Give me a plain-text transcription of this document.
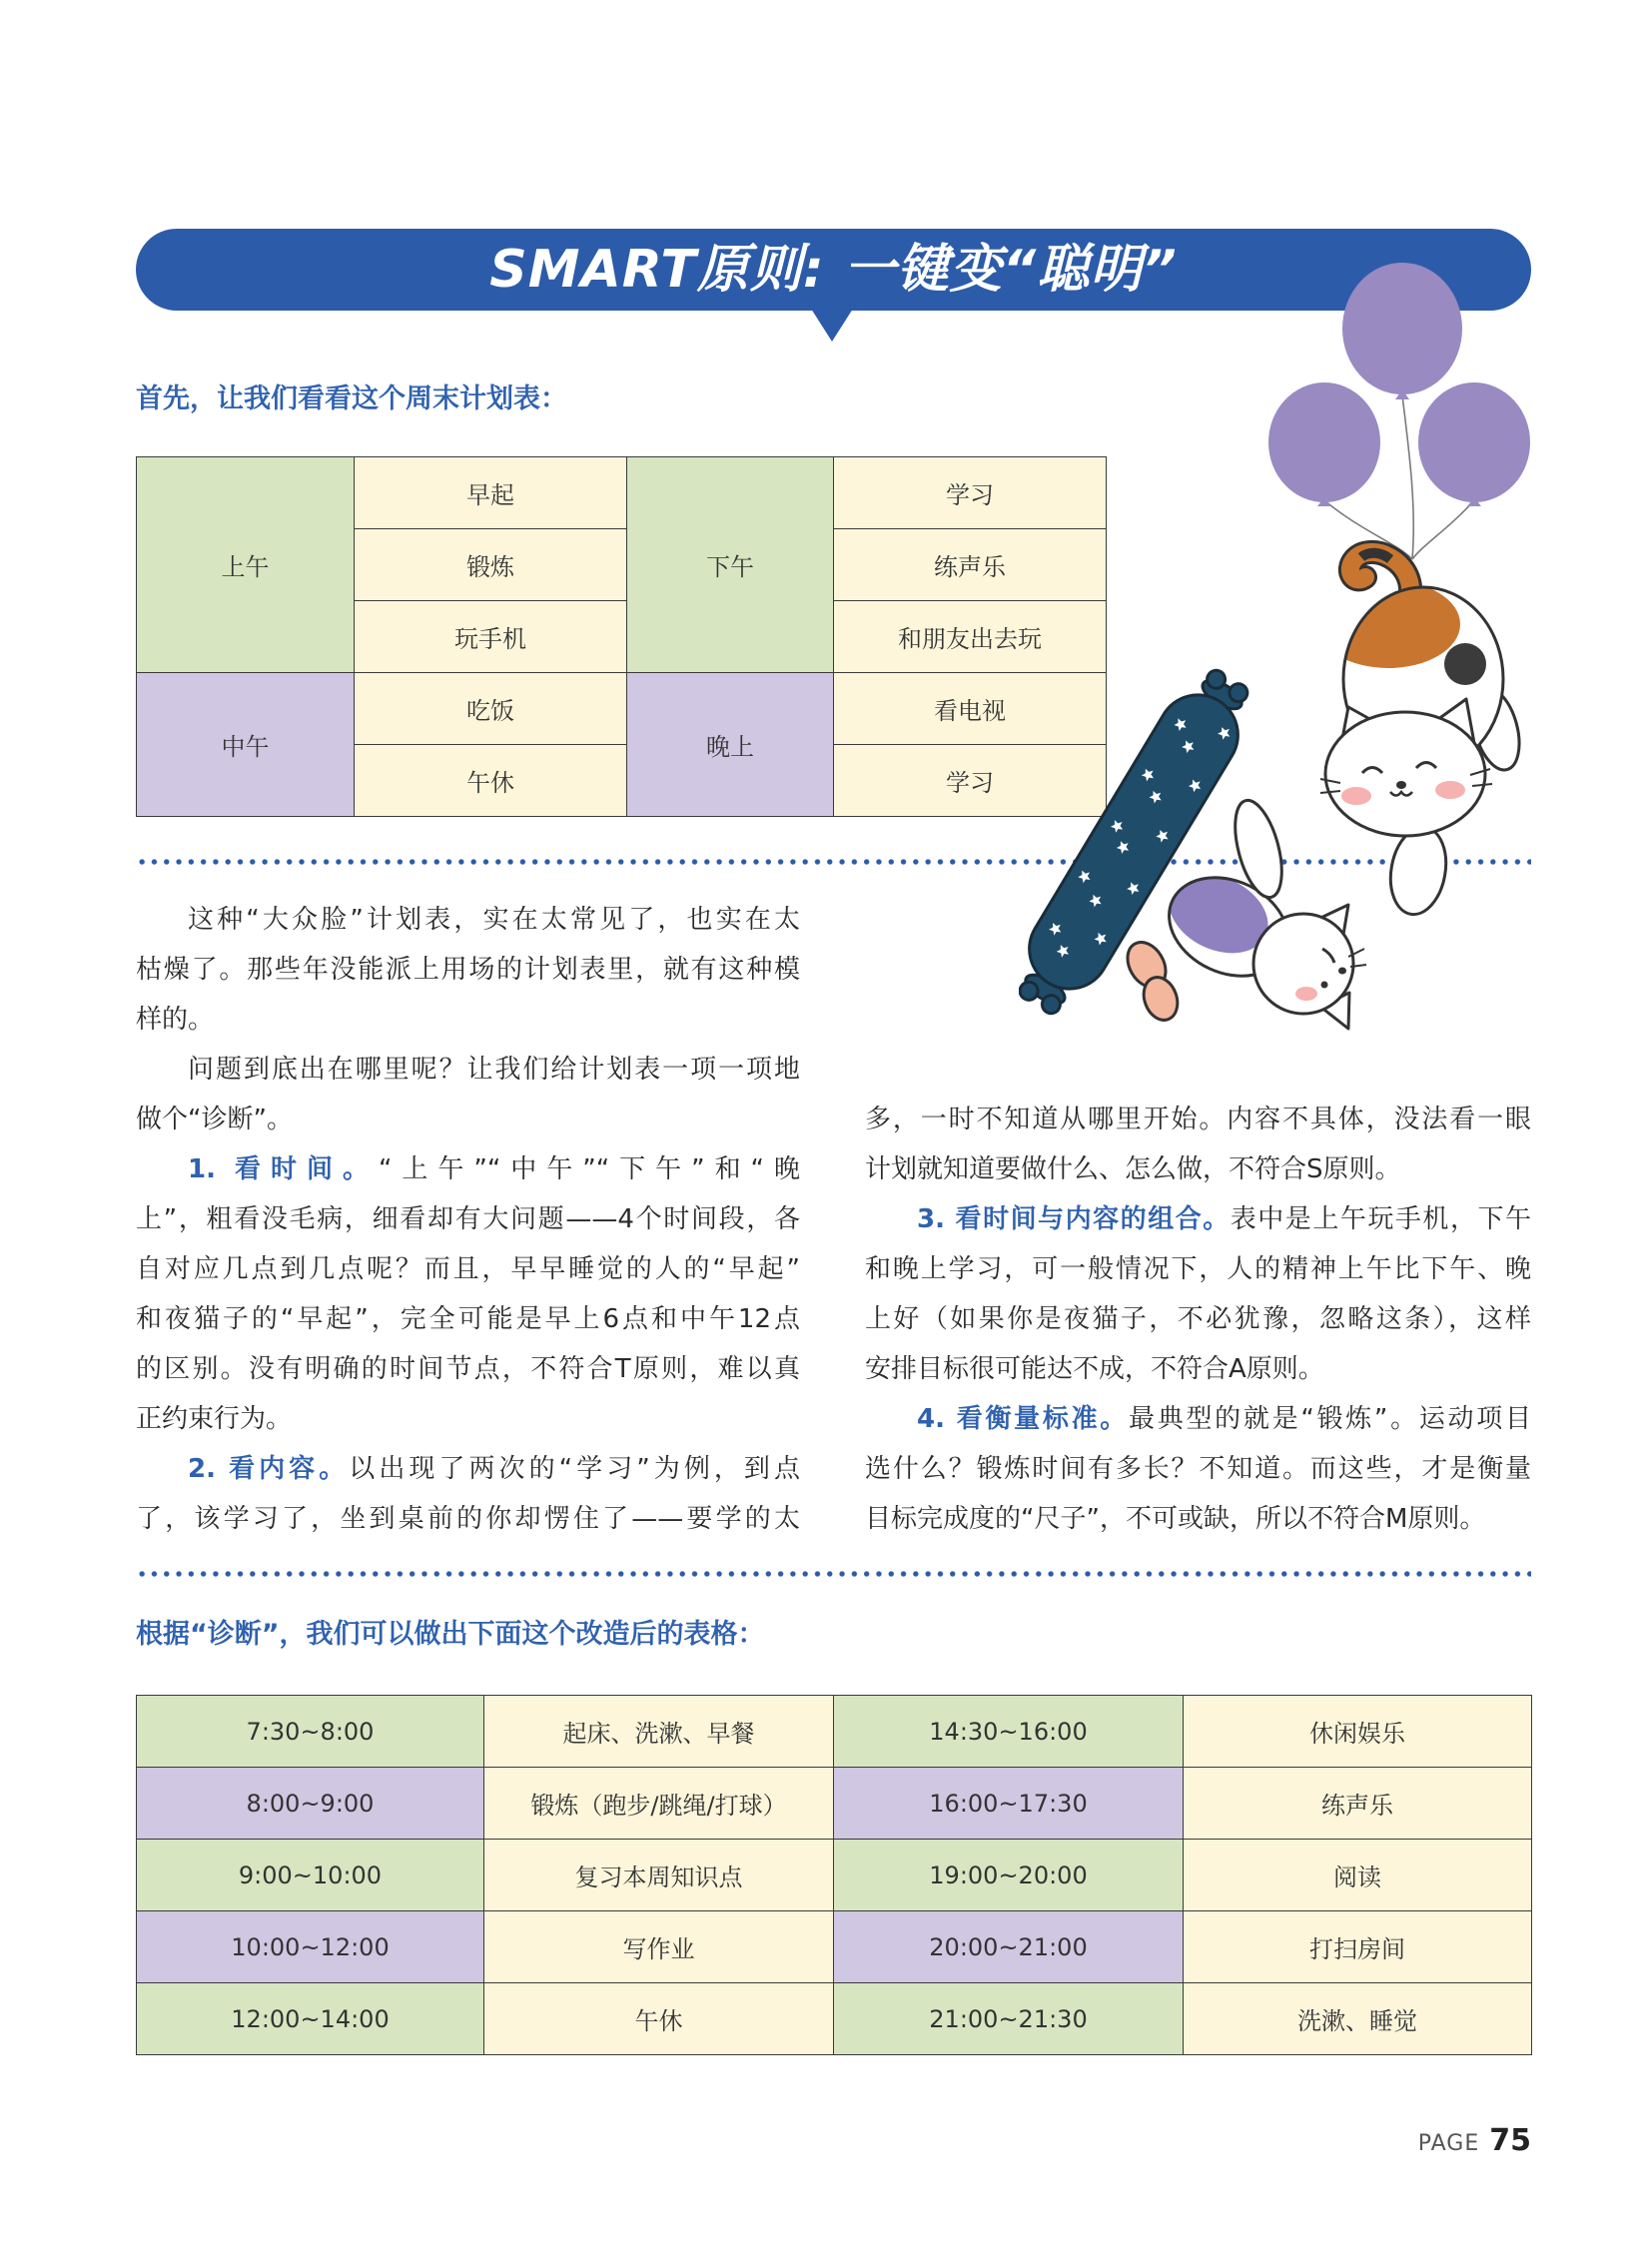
SMART原则: 一键变“聪明”
首先，让我们看看这个周末计划表：
上午	早起	下午	学习
	锻炼		练声乐
	玩手机		和朋友出去玩
中午	吃饭	晚上	看电视
	午休		学习
这种“大众脸”计划表，实在太常见了，也实在太
枯燥了。那些年没能派上用场的计划表里，就有这种模
样的。
问题到底出在哪里呢？让我们给计划表一项一项地
做个“诊断”。
1. 看时间。“上午”“中午”“下午”和“晚
上”，粗看没毛病，细看却有大问题——4个时间段，各
自对应几点到几点呢？而且，早早睡觉的人的“早起”
和夜猫子的“早起”，完全可能是早上6点和中午12点
的区别。没有明确的时间节点，不符合T原则，难以真
正约束行为。
2. 看内容。以出现了两次的“学习”为例，到点
了，该学习了，坐到桌前的你却愣住了——要学的太
多，一时不知道从哪里开始。内容不具体，没法看一眼
计划就知道要做什么、怎么做，不符合S原则。
3. 看时间与内容的组合。表中是上午玩手机，下午
和晚上学习，可一般情况下，人的精神上午比下午、晚
上好（如果你是夜猫子，不必犹豫，忽略这条），这样
安排目标很可能达不成，不符合A原则。
4. 看衡量标准。最典型的就是“锻炼”。运动项目
选什么？锻炼时间有多长？不知道。而这些，才是衡量
目标完成度的“尺子”，不可或缺，所以不符合M原则。
根据“诊断”，我们可以做出下面这个改造后的表格：
7:30~8:00	起床、洗漱、早餐	14:30~16:00	休闲娱乐
8:00~9:00	锻炼（跑步/跳绳/打球）	16:00~17:30	练声乐
9:00~10:00	复习本周知识点	19:00~20:00	阅读
10:00~12:00	写作业	20:00~21:00	打扫房间
12:00~14:00	午休	21:00~21:30	洗漱、睡觉
PAGE 75
